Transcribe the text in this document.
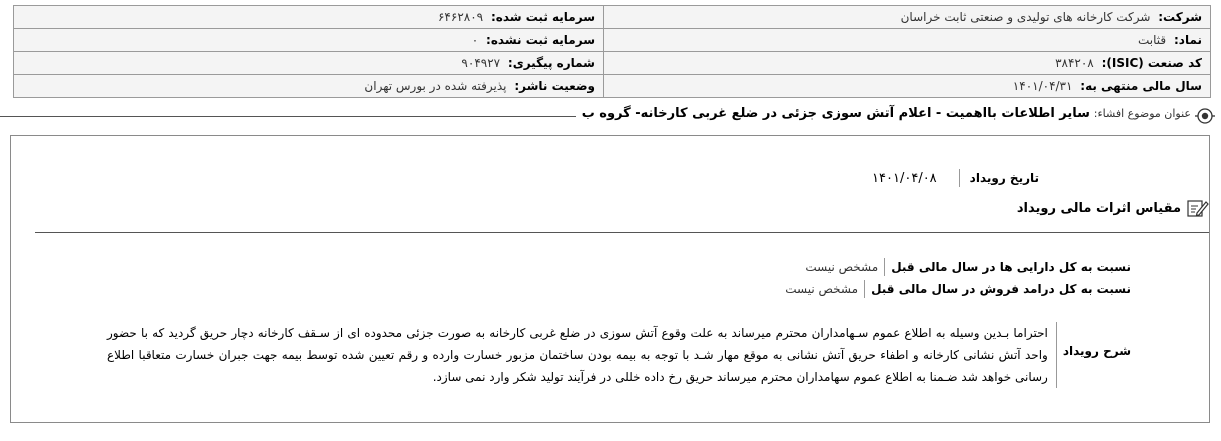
شرکت: شرکت کارخانه های تولیدی و صنعتی ثابت خراسان	سرمایه ثبت شده: ۶۴۶۲۸۰۹
نماد: قثابت	سرمایه ثبت نشده: ۰
کد صنعت (ISIC): ۳۸۴۲۰۸	شماره پیگیری: ۹۰۴۹۲۷
سال مالی منتهی به: ۱۴۰۱/۰۴/۳۱	وضعیت ناشر: پذیرفته شده در بورس تهران
عنوان موضوع افشاء: سایر اطلاعات بااهمیت - اعلام آتش سوزی جزئی در ضلع غربی کارخانه- گروه ب
تاریخ رویداد
۱۴۰۱/۰۴/۰۸
مقیاس اثرات مالی رویداد
نسبت به کل دارایی ها در سال مالی قبل
مشخص نیست
نسبت به کل درامد فروش در سال مالی قبل
مشخص نیست
شرح رویداد
احتراما بـدین وسیله به اطلاع عموم سـهامداران محترم میرساند به علت وقوع آتش سوزی در ضلع غربی کارخانه به صورت جزئی محدوده ای از سـقف کارخانه دچار حریق گردید که با حضور واحد آتش نشانی کارخانه و اطفاء حریق آتش نشانی به موقع مهار شـد با توجه به بیمه بودن ساختمان مزبور خسارت وارده و رقم تعیین شده توسط بیمه جهت جبران خسارت متعاقبا اطلاع رسانی خواهد شد ضـمنا به اطلاع عموم سهامداران محترم میرساند حریق رخ داده خللی در فرآیند تولید شکر وارد نمی سازد.
